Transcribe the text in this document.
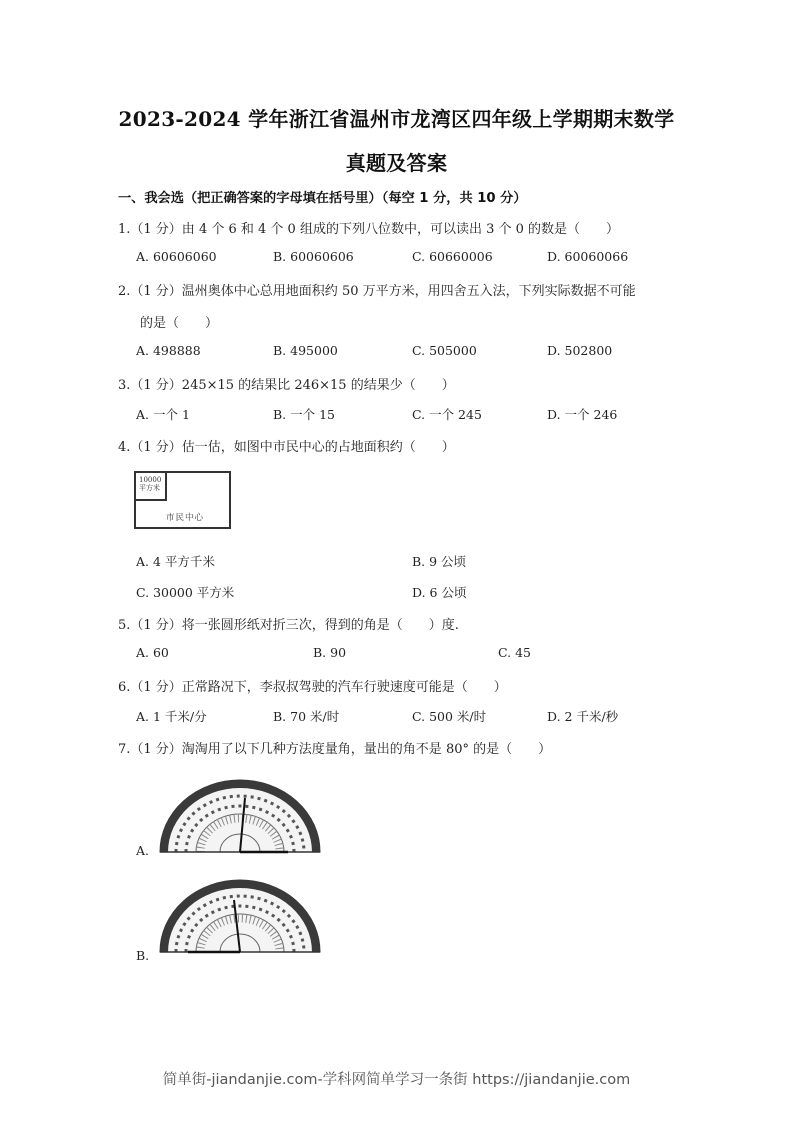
2023-2024 学年浙江省温州市龙湾区四年级上学期期末数学
真题及答案
一、我会选（把正确答案的字母填在括号里）（每空 1 分，共 10 分）
1.（1 分）由 4 个 6 和 4 个 0 组成的下列八位数中，可以读出 3 个 0 的数是（　　）
A. 60606060	B. 60060606	C. 60660006	D. 60060066
2.（1 分）温州奥体中心总用地面积约 50 万平方米，用四舍五入法，下列实际数据不可能
的是（　　）
A. 498888	B. 495000	C. 505000	D. 502800
3.（1 分）245×15 的结果比 246×15 的结果少（　　）
A. 一个 1	B. 一个 15	C. 一个 245	D. 一个 246
4.（1 分）估一估，如图中市民中心的占地面积约（　　）
10000
平方米
市民中心
A. 4 平方千米	B. 9 公顷
C. 30000 平方米	D. 6 公顷
5.（1 分）将一张圆形纸对折三次，得到的角是（　　）度.
A. 60	B. 90	C. 45
6.（1 分）正常路况下，李叔叔驾驶的汽车行驶速度可能是（　　）
A. 1 千米/分	B. 70 米/时	C. 500 米/时	D. 2 千米/秒
7.（1 分）淘淘用了以下几种方法度量角，量出的角不是 80° 的是（　　）
A.
B.
简单街-jiandanjie.com-学科网简单学习一条街 https://jiandanjie.com
